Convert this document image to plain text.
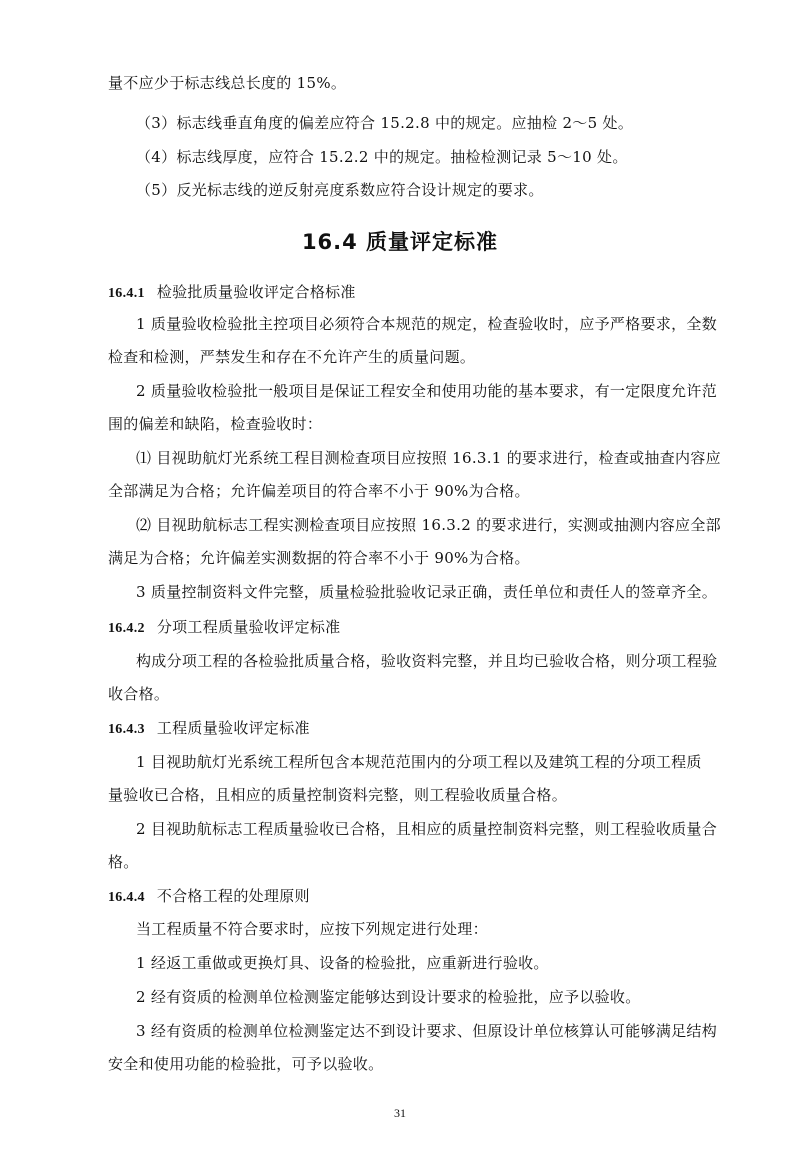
量不应少于标志线总长度的 15%。
（3）标志线垂直角度的偏差应符合 15.2.8 中的规定。应抽检 2～5 处。
（4）标志线厚度，应符合 15.2.2 中的规定。抽检检测记录 5～10 处。
（5）反光标志线的逆反射亮度系数应符合设计规定的要求。
16.4 质量评定标准
16.4.1 检验批质量验收评定合格标准
1 质量验收检验批主控项目必须符合本规范的规定，检查验收时，应予严格要求，全数
检查和检测，严禁发生和存在不允许产生的质量问题。
2 质量验收检验批一般项目是保证工程安全和使用功能的基本要求，有一定限度允许范
围的偏差和缺陷，检查验收时：
⑴ 目视助航灯光系统工程目测检查项目应按照 16.3.1 的要求进行，检查或抽查内容应
全部满足为合格；允许偏差项目的符合率不小于 90%为合格。
⑵ 目视助航标志工程实测检查项目应按照 16.3.2 的要求进行，实测或抽测内容应全部
满足为合格；允许偏差实测数据的符合率不小于 90%为合格。
3 质量控制资料文件完整，质量检验批验收记录正确，责任单位和责任人的签章齐全。
16.4.2 分项工程质量验收评定标准
构成分项工程的各检验批质量合格，验收资料完整，并且均已验收合格，则分项工程验
收合格。
16.4.3 工程质量验收评定标准
1 目视助航灯光系统工程所包含本规范范围内的分项工程以及建筑工程的分项工程质
量验收已合格，且相应的质量控制资料完整，则工程验收质量合格。
2 目视助航标志工程质量验收已合格，且相应的质量控制资料完整，则工程验收质量合
格。
16.4.4 不合格工程的处理原则
当工程质量不符合要求时，应按下列规定进行处理：
1 经返工重做或更换灯具、设备的检验批，应重新进行验收。
2 经有资质的检测单位检测鉴定能够达到设计要求的检验批，应予以验收。
3 经有资质的检测单位检测鉴定达不到设计要求、但原设计单位核算认可能够满足结构
安全和使用功能的检验批，可予以验收。
31
